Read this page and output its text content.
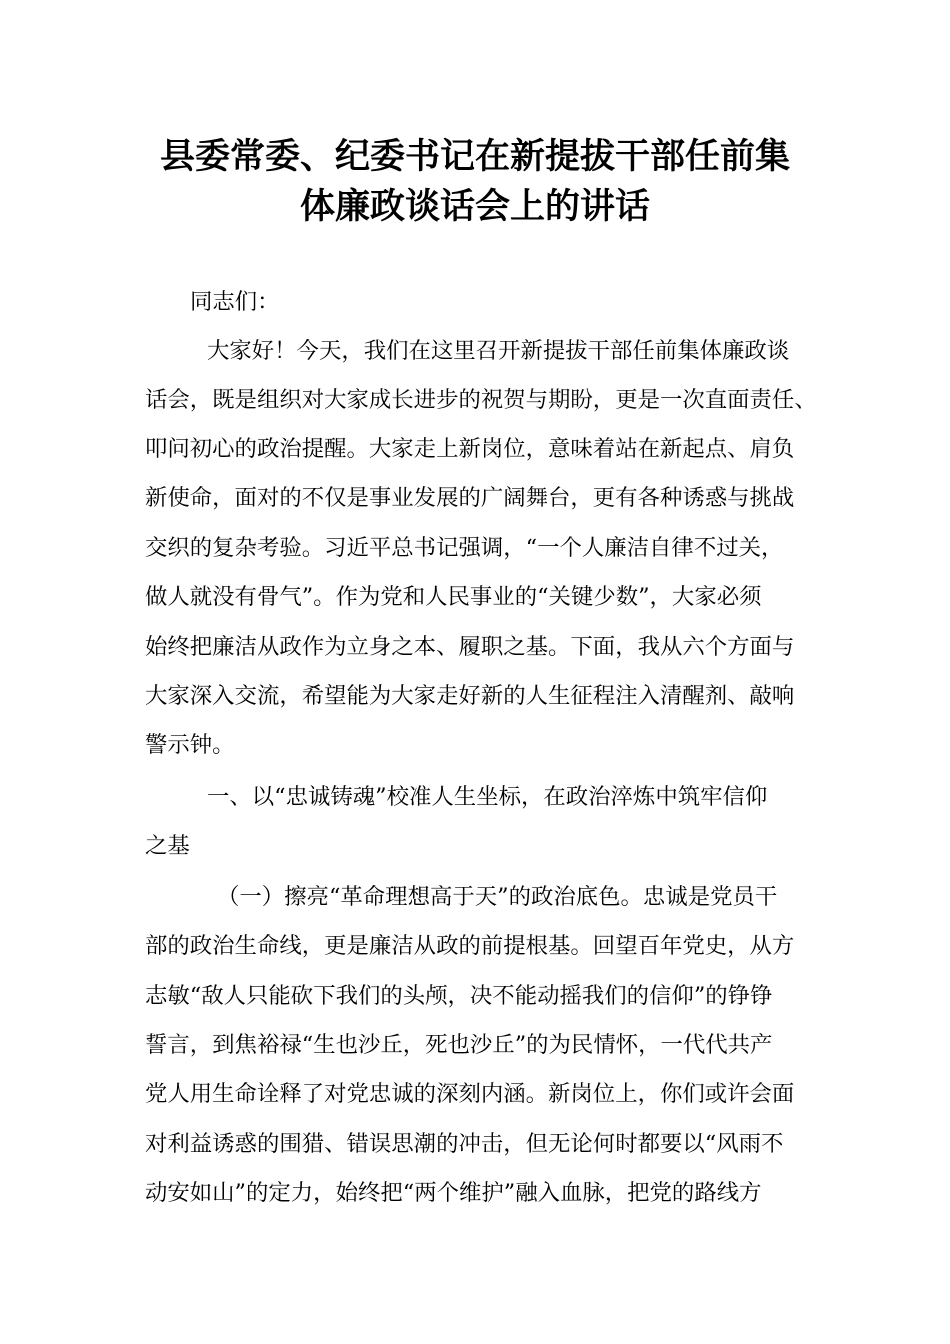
县委常委、纪委书记在新提拔干部任前集
体廉政谈话会上的讲话

同志们：

大家好！今天，我们在这里召开新提拔干部任前集体廉政谈

话会，既是组织对大家成长进步的祝贺与期盼，更是一次直面责任、

叩问初心的政治提醒。大家走上新岗位，意味着站在新起点、肩负

新使命，面对的不仅是事业发展的广阔舞台，更有各种诱惑与挑战

交织的复杂考验。习近平总书记强调，“一个人廉洁自律不过关，

做人就没有骨气”。作为党和人民事业的“关键少数”，大家必须

始终把廉洁从政作为立身之本、履职之基。下面，我从六个方面与

大家深入交流，希望能为大家走好新的人生征程注入清醒剂、敲响

警示钟。

一、以“忠诚铸魂”校准人生坐标，在政治淬炼中筑牢信仰

之基

（一）擦亮“革命理想高于天”的政治底色。忠诚是党员干

部的政治生命线，更是廉洁从政的前提根基。回望百年党史，从方

志敏“敌人只能砍下我们的头颅，决不能动摇我们的信仰”的铮铮

誓言，到焦裕禄“生也沙丘，死也沙丘”的为民情怀，一代代共产

党人用生命诠释了对党忠诚的深刻内涵。新岗位上，你们或许会面

对利益诱惑的围猎、错误思潮的冲击，但无论何时都要以“风雨不

动安如山”的定力，始终把“两个维护”融入血脉，把党的路线方
